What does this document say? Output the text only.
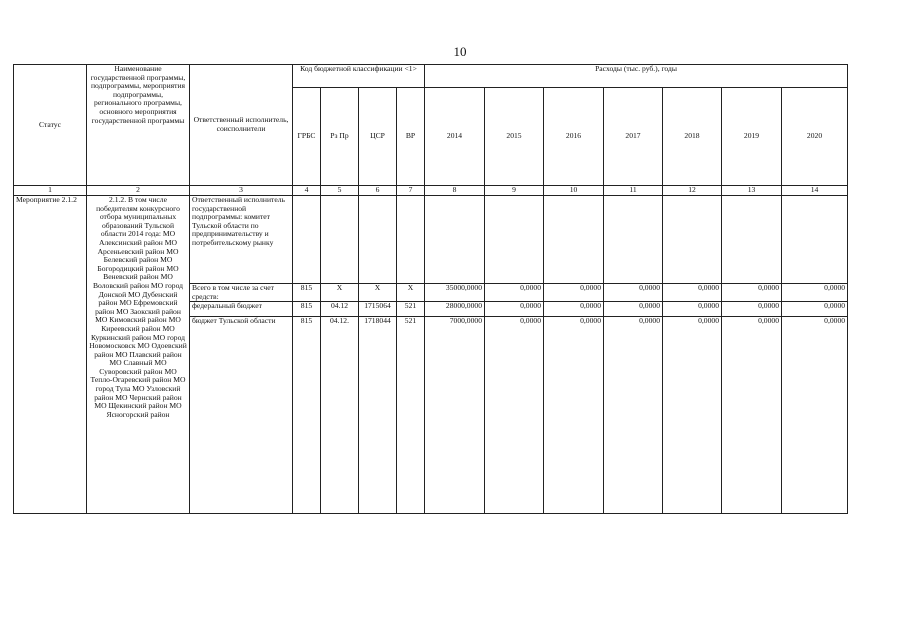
10
Статус	Наименование государственной программы, подпрограммы, мероприятия подпрограммы, регионального программы, основного мероприятия государственной программы	Ответственный исполнитель, соисполнители	Код бюджетной классификации <1>				Расходы (тыс. руб.), годы						
			ГРБС	Рз Пр	ЦСР	ВР	2014	2015	2016	2017	2018	2019	2020
1	2	3	4	5	6	7	8	9	10	11	12	13	14
Мероприятие 2.1.2	2.1.2. В том числе победителям конкурсного отбора муниципальных образований Тульской области 2014 года: МО Алексинский район МО Арсеньевский район МО Белевский район МО Богородицкий район МО Веневский район МО Воловский район МО город Донской МО Дубенский район МО Ефремовский район МО Заокский район МО Кимовский район МО Киреевский район МО Куркинский район МО город Новомосковск МО Одоевский район МО Плавский район МО Славный МО Суворовский район МО Тепло-Огаревский район МО город Тула МО Узловский район МО Чернский район МО Щекинский район МО Ясногорский район	Ответственный исполнитель государственной подпрограммы: комитет Тульской области по предпринимательству и потребительскому рынку											
		Всего в том числе за счет средств:	815	X	X	X	35000,0000	0,0000	0,0000	0,0000	0,0000	0,0000	0,0000
		федеральный бюджет	815	04.12	1715064	521	28000,0000	0,0000	0,0000	0,0000	0,0000	0,0000	0,0000
		бюджет Тульской области	815	04.12.	1718044	521	7000,0000	0,0000	0,0000	0,0000	0,0000	0,0000	0,0000
